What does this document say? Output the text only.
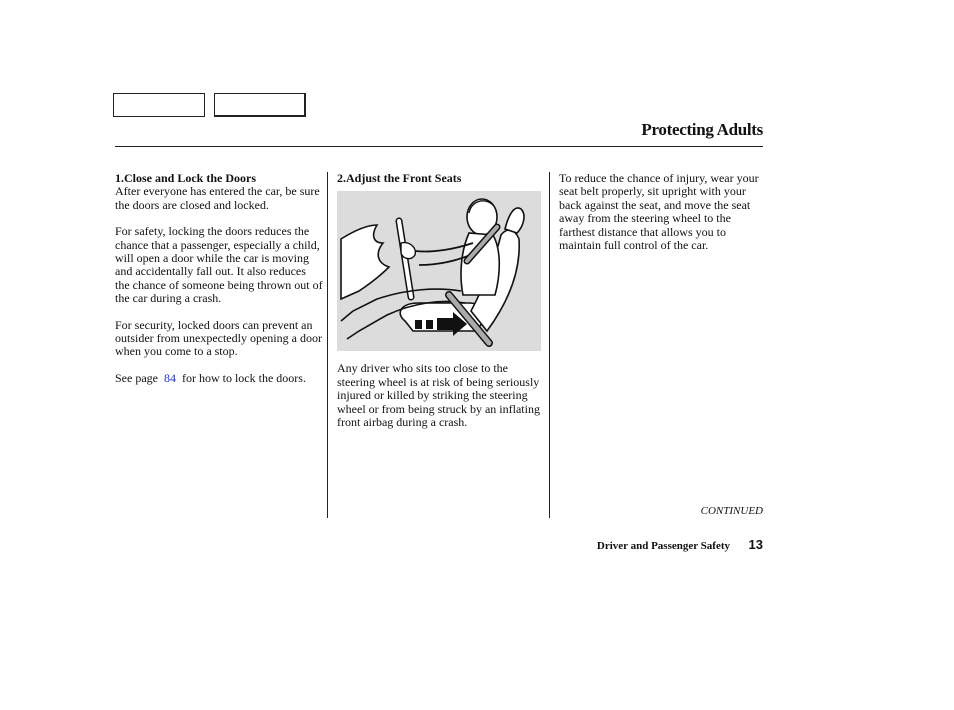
Protecting Adults
1.Close and Lock the Doors

After everyone has entered the car, be sure the doors are closed and locked.

For safety, locking the doors reduces the chance that a passenger, especially a child, will open a door while the car is moving and accidentally fall out. It also reduces the chance of someone being thrown out of the car during a crash.

For security, locked doors can prevent an outsider from unexpectedly opening a door when you come to a stop.

See page 84 for how to lock the doors.

2.Adjust the Front Seats

Any driver who sits too close to the steering wheel is at risk of being seriously injured or killed by striking the steering wheel or from being struck by an inflating front airbag during a crash.

To reduce the chance of injury, wear your seat belt properly, sit upright with your back against the seat, and move the seat away from the steering wheel to the farthest distance that allows you to maintain full control of the car.

CONTINUED
Driver and Passenger Safety 13
